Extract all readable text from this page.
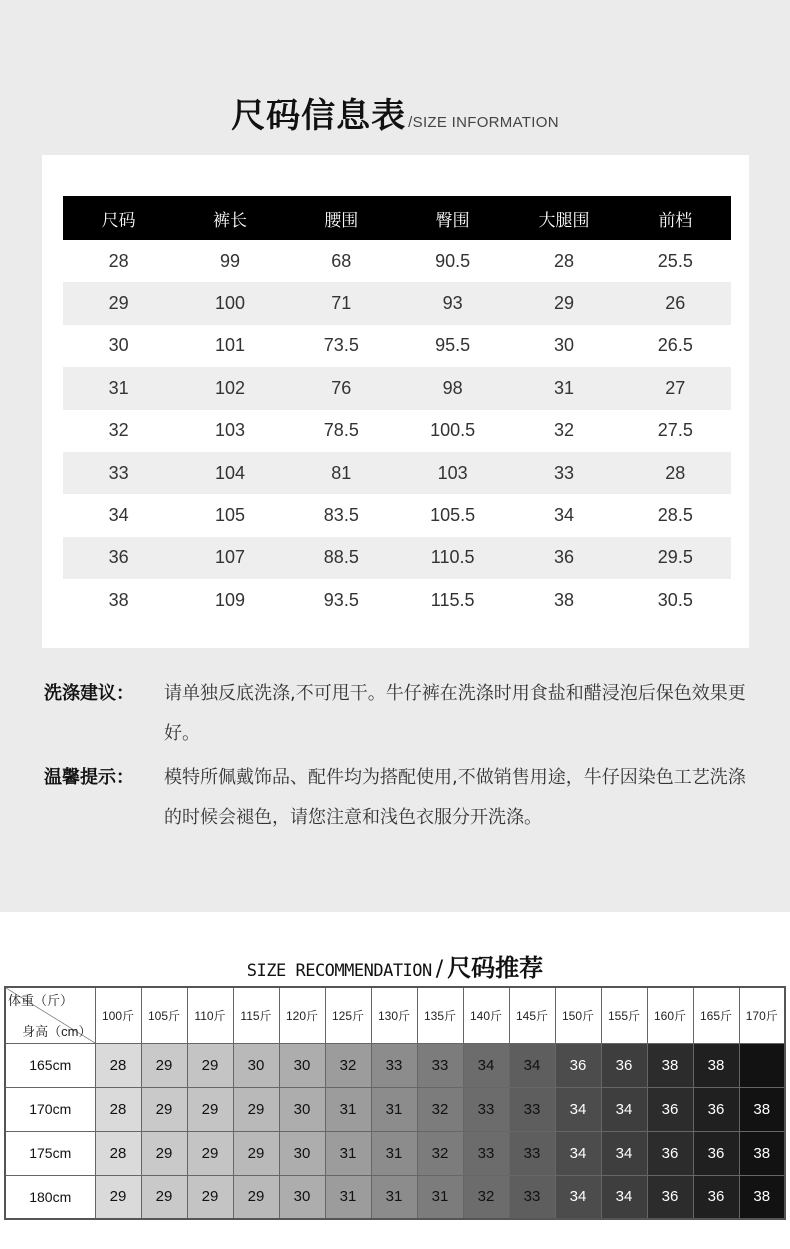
尺码信息表 /SIZE INFORMATION
尺码	裤长	腰围	臀围	大腿围	前档
28	99	68	90.5	28	25.5
29	100	71	93	29	26
30	101	73.5	95.5	30	26.5
31	102	76	98	31	27
32	103	78.5	100.5	32	27.5
33	104	81	103	33	28
34	105	83.5	105.5	34	28.5
36	107	88.5	110.5	36	29.5
38	109	93.5	115.5	38	30.5
洗涤建议： 请单独反底洗涤,不可甩干。牛仔裤在洗涤时用食盐和醋浸泡后保色效果更好。
温馨提示： 模特所佩戴饰品、配件均为搭配使用,不做销售用途，牛仔因染色工艺洗涤的时候会褪色，请您注意和浅色衣服分开洗涤。
SIZE RECOMMENDATION / 尺码推荐
体重（斤）
身高（cm）	100斤	105斤	110斤	115斤	120斤	125斤	130斤	135斤	140斤	145斤	150斤	155斤	160斤	165斤	170斤
165cm	28	29	29	30	30	32	33	33	34	34	36	36	38	38	
170cm	28	29	29	29	30	31	31	32	33	33	34	34	36	36	38
175cm	28	29	29	29	30	31	31	32	33	33	34	34	36	36	38
180cm	29	29	29	29	30	31	31	31	32	33	34	34	36	36	38
